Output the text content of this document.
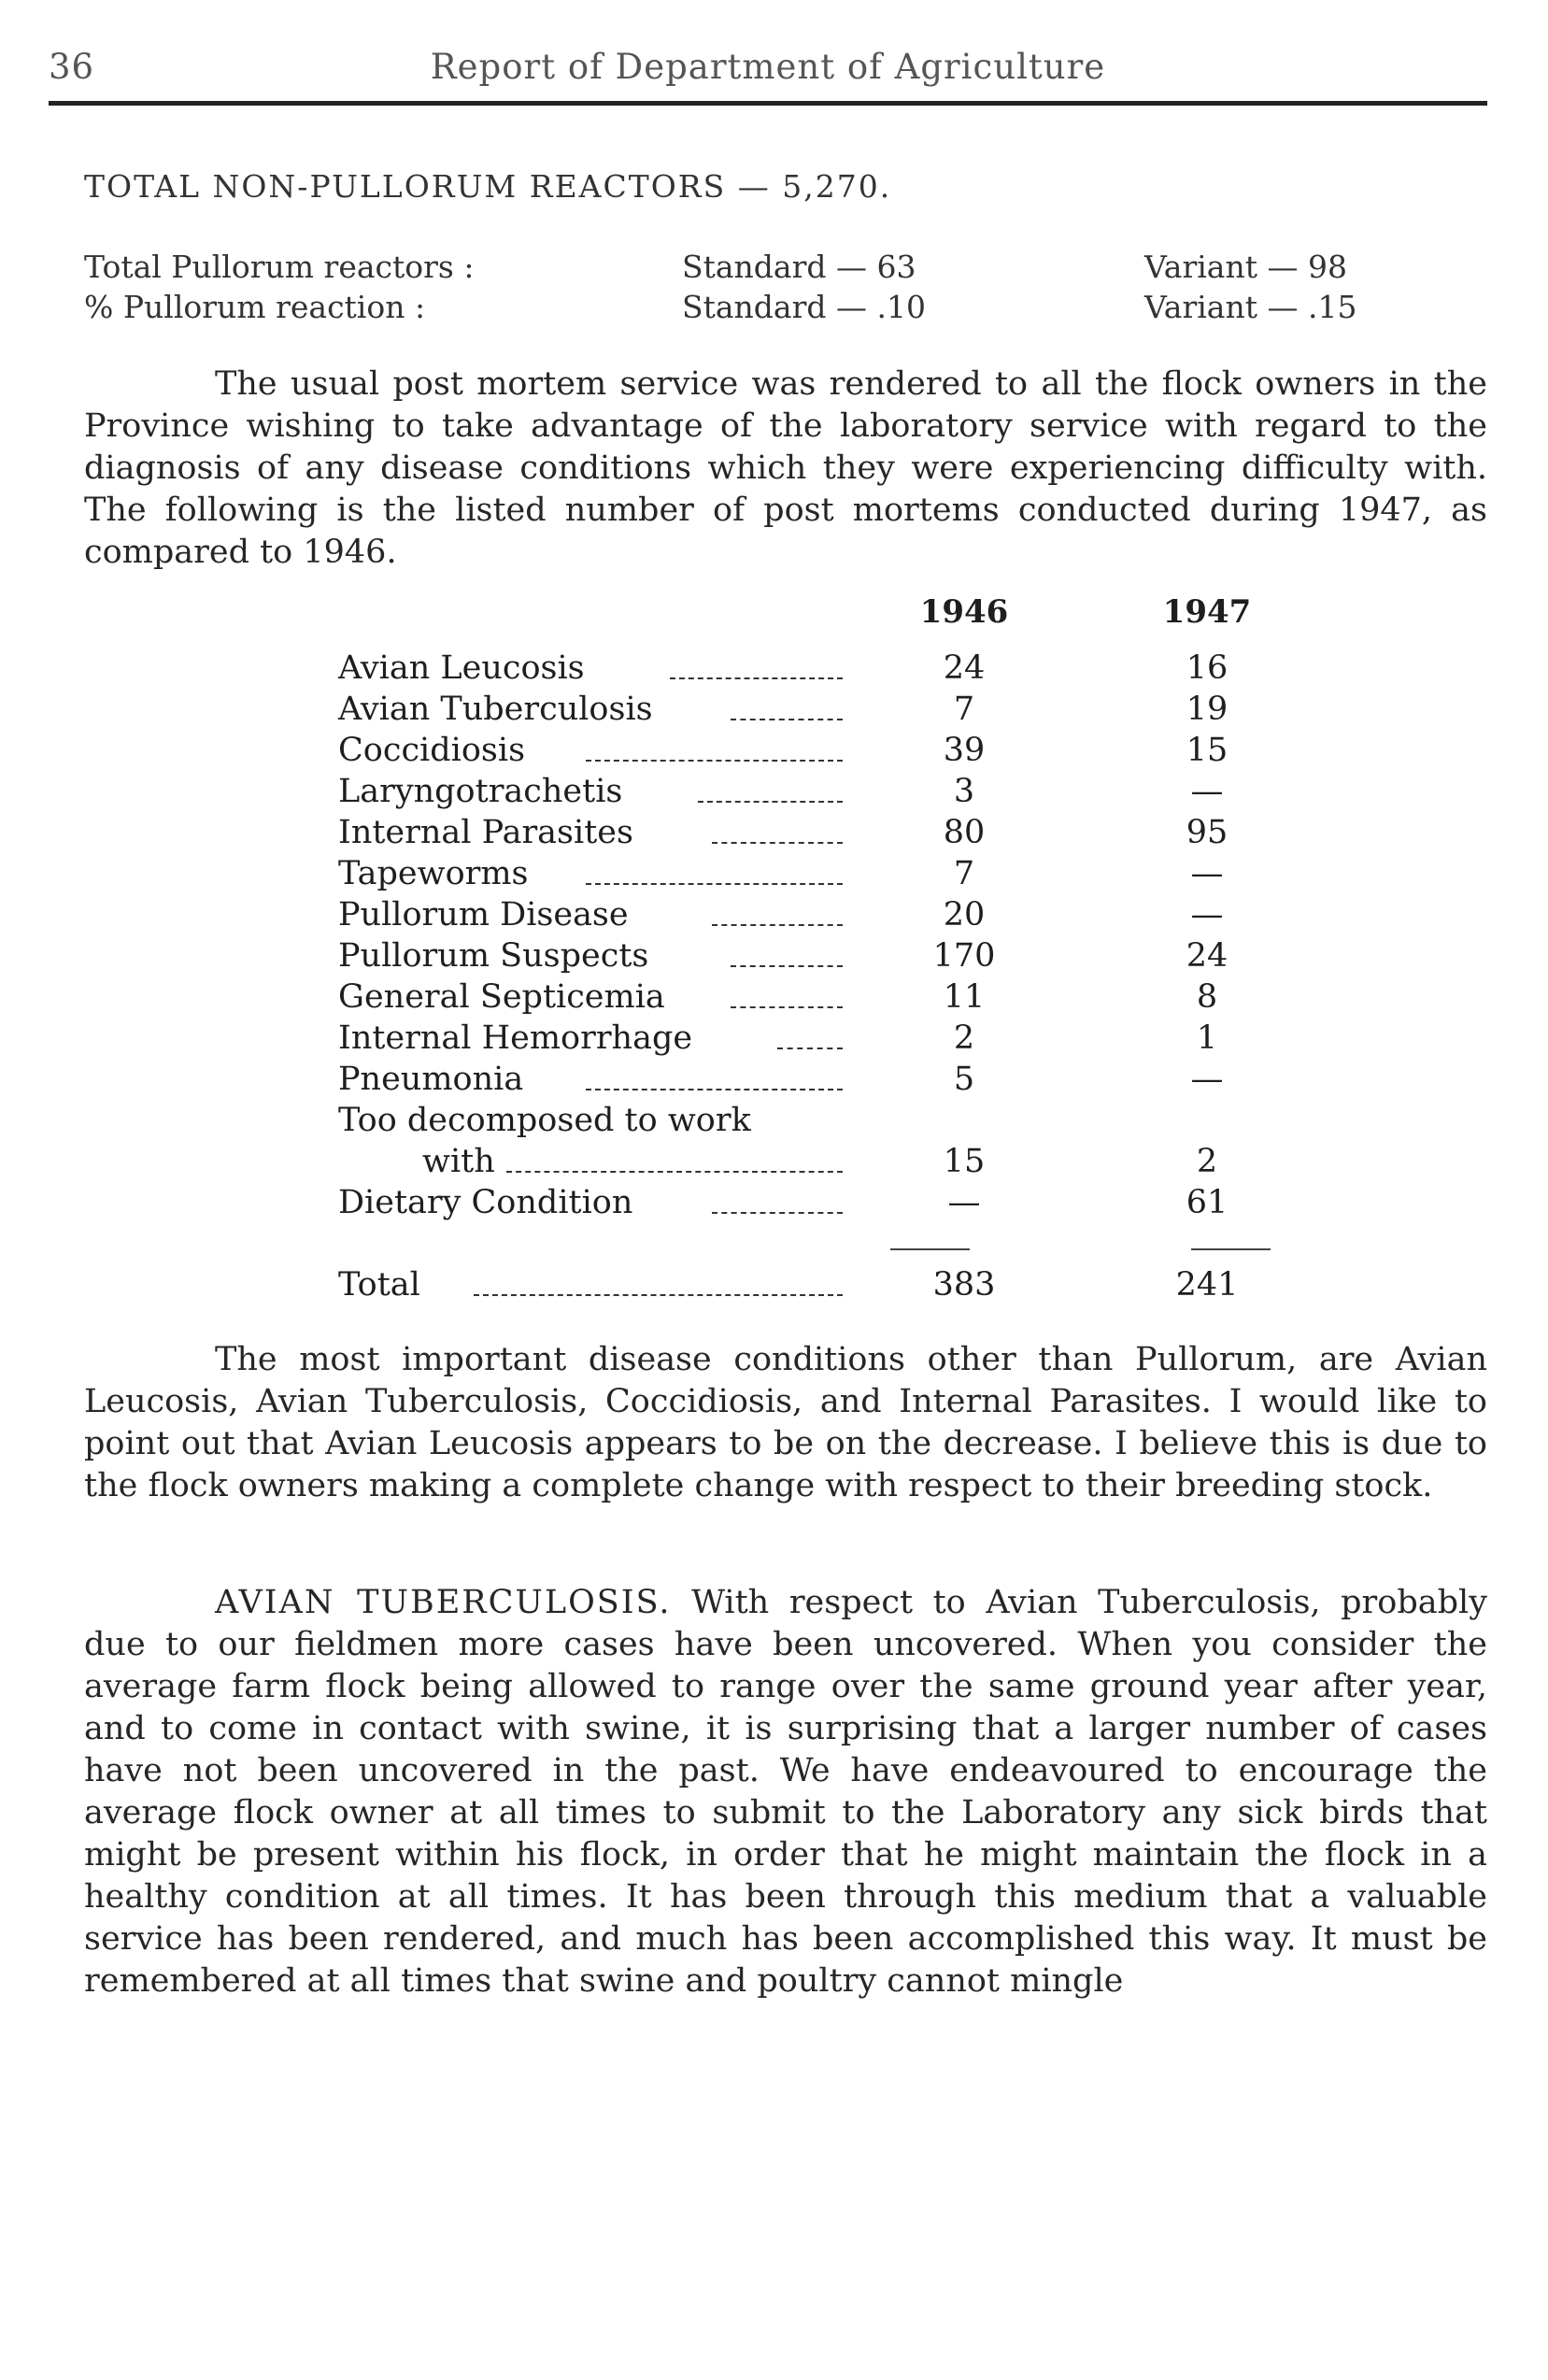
36	Report of Department of Agriculture
TOTAL NON-PULLORUM REACTORS — 5,270.
Total Pullorum reactors :	Standard — 63	Variant — 98
% Pullorum reaction :	Standard — .10	Variant — .15

The usual post mortem service was rendered to all the flock owners in the Province wishing to take advantage of the laboratory service with regard to the diagnosis of any disease conditions which they were experiencing difficulty with. The following is the listed number of post mortems conducted during 1947, as compared to 1946.

1946	1947
Avian Leucosis	24	16
Avian Tuberculosis	7	19
Coccidiosis	39	15
Laryngotrachetis	3	—
Internal Parasites	80	95
Tapeworms	7	—
Pullorum Disease	20	—
Pullorum Suspects	170	24
General Septicemia	11	8
Internal Hemorrhage	2	1
Pneumonia	5	—
Too decomposed to work
with	15	2
Dietary Condition	—	61
Total	383	241

The most important disease conditions other than Pullorum, are Avian Leucosis, Avian Tuberculosis, Coccidiosis, and Internal Parasites. I would like to point out that Avian Leucosis appears to be on the decrease. I believe this is due to the flock owners making a complete change with respect to their breeding stock.

AVIAN TUBERCULOSIS. With respect to Avian Tuberculosis, probably due to our fieldmen more cases have been uncovered. When you consider the average farm flock being allowed to range over the same ground year after year, and to come in contact with swine, it is surprising that a larger number of cases have not been uncovered in the past. We have endeavoured to encourage the average flock owner at all times to submit to the Laboratory any sick birds that might be present within his flock, in order that he might maintain the flock in a healthy condition at all times. It has been through this medium that a valuable service has been rendered, and much has been accomplished this way. It must be remembered at all times that swine and poultry cannot mingle
